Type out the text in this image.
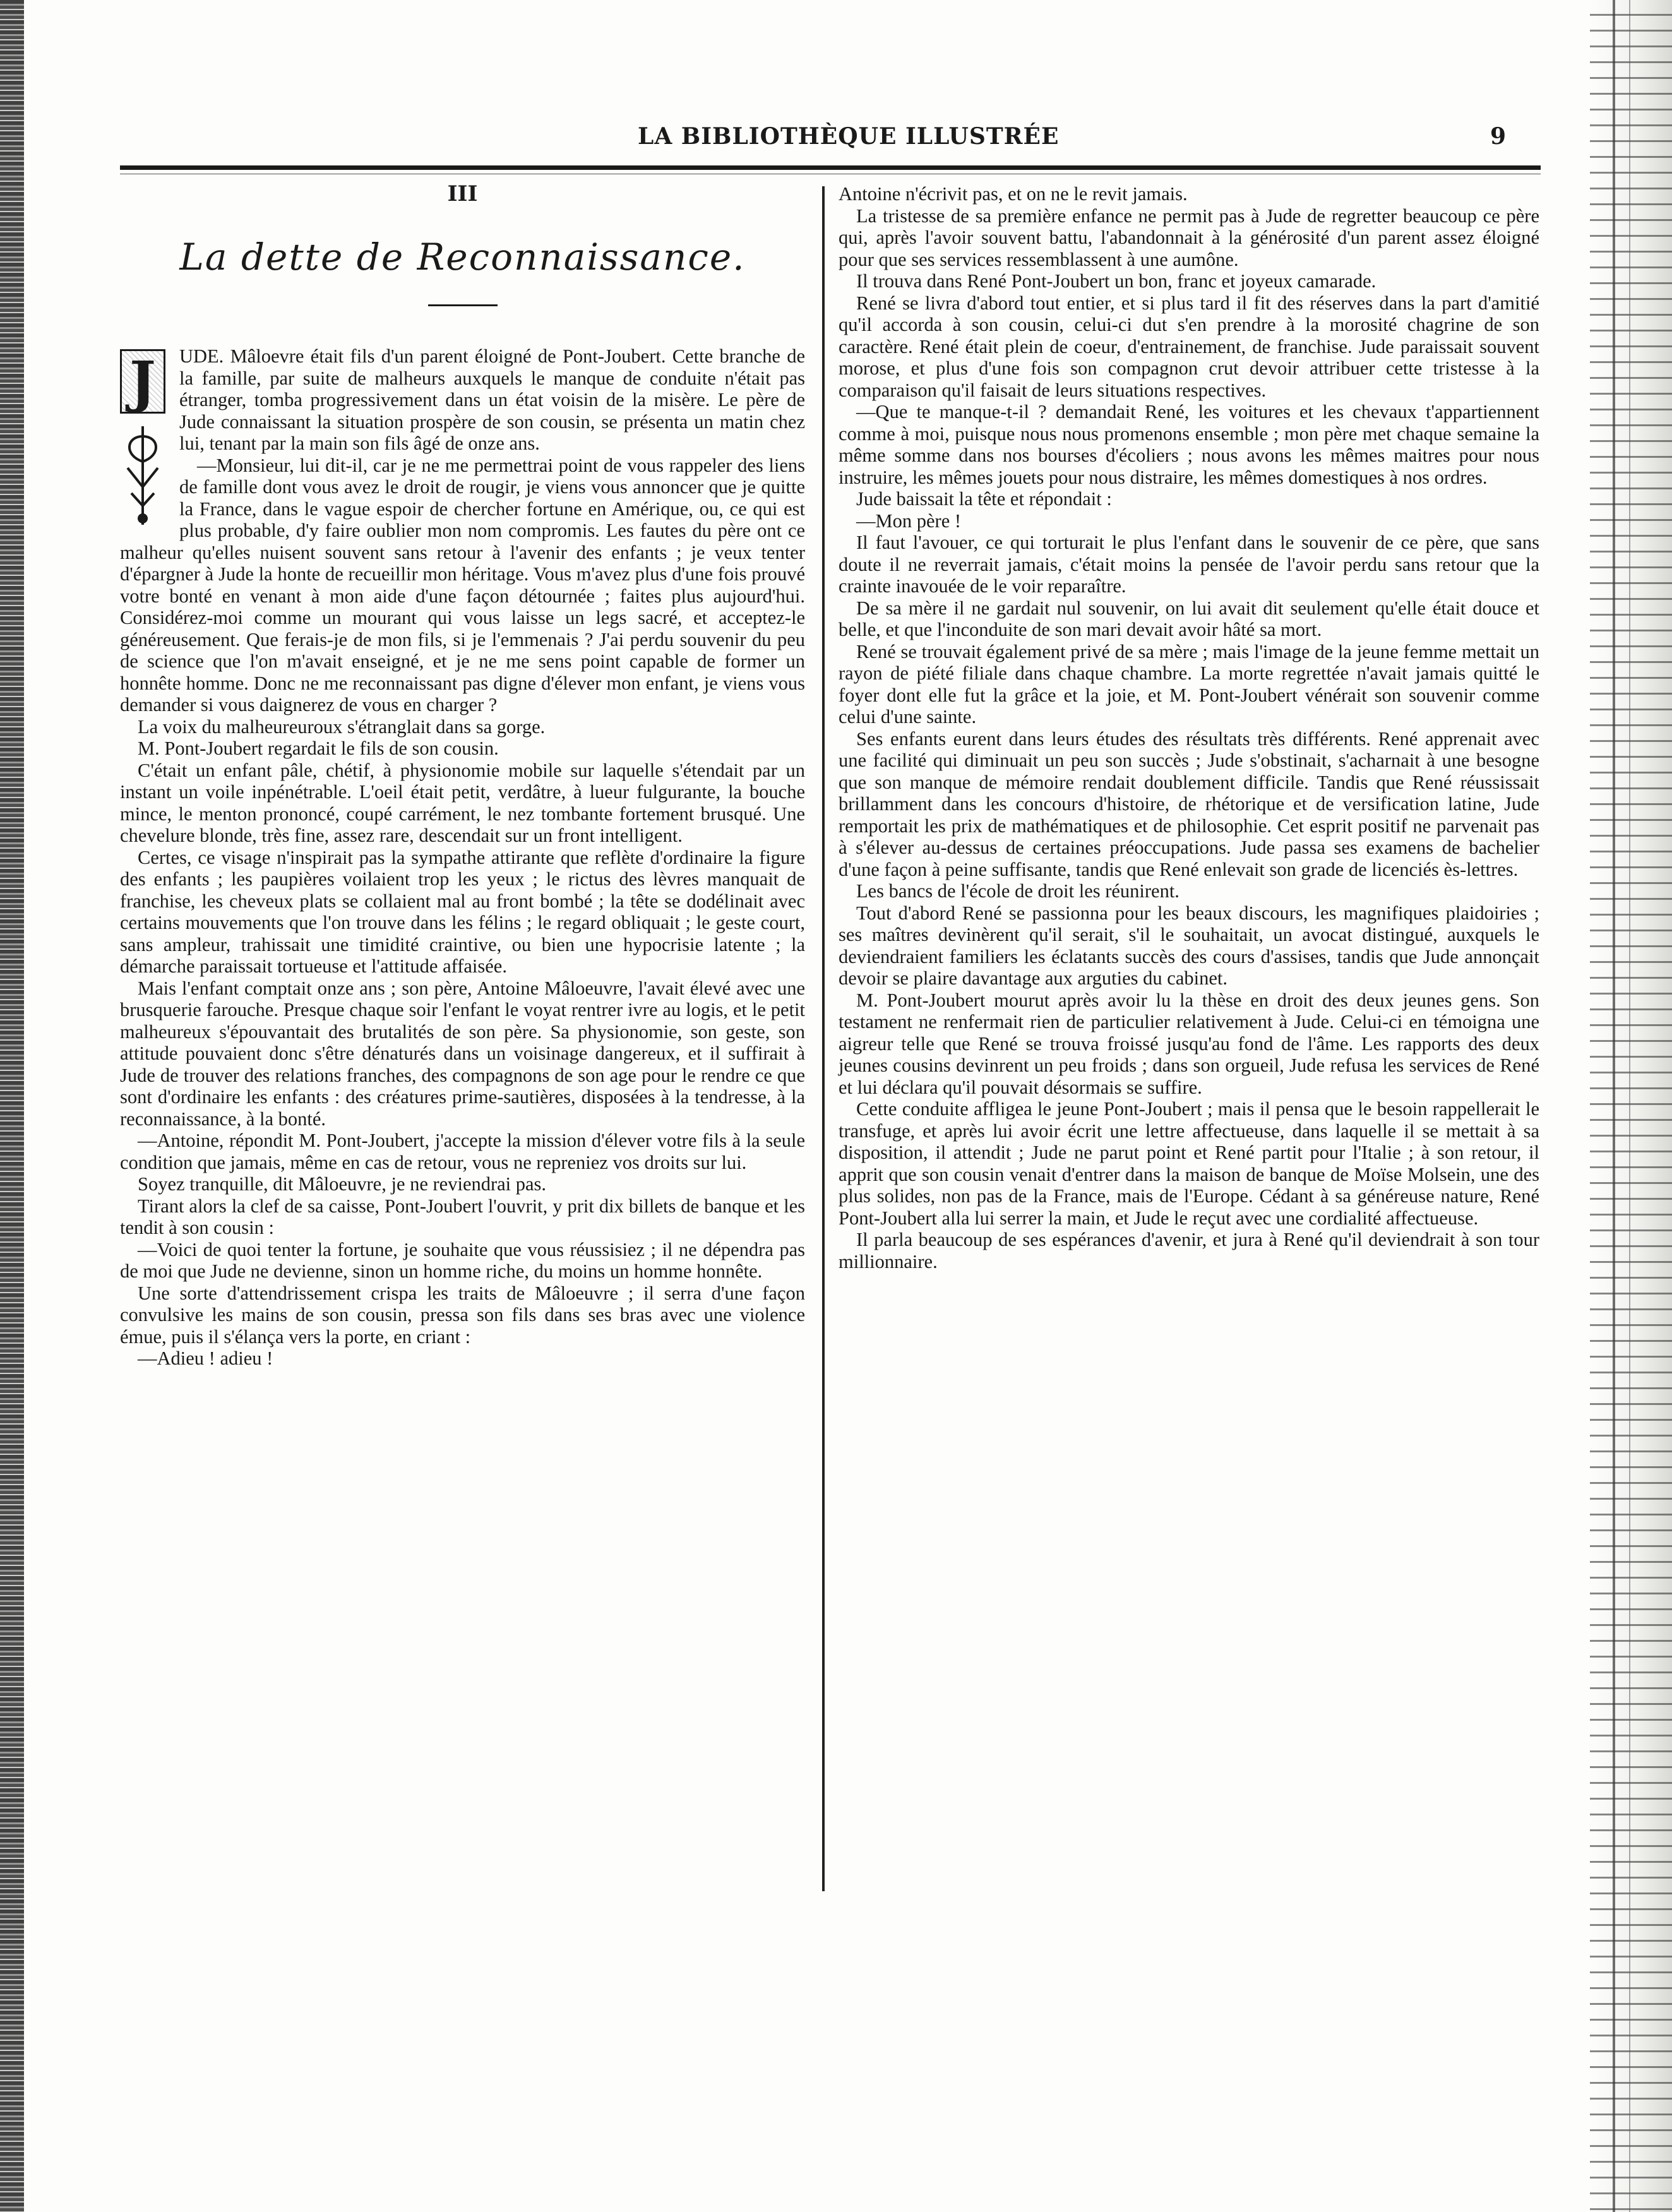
LA BIBLIOTHÈQUE ILLUSTRÉE	9
III
La dette de Reconnaissance.
J	UDE. Mâloevre était fils d'un parent éloigné de Pont-Joubert. Cette branche de la famille, par suite de malheurs auxquels le manque de conduite n'était pas étranger, tomba progressivement dans un état voisin de la misère. Le père de Jude connaissant la situation prospère de son cousin, se présenta un matin chez lui, tenant par la main son fils âgé de onze ans.

—Monsieur, lui dit-il, car je ne me permettrai point de vous rappeler des liens de famille dont vous avez le droit de rougir, je viens vous annoncer que je quitte la France, dans le vague espoir de chercher fortune en Amérique, ou, ce qui est plus probable, d'y faire oublier mon nom compromis. Les fautes du père ont ce malheur qu'elles nuisent souvent sans retour à l'avenir des enfants ; je veux tenter d'épargner à Jude la honte de recueillir mon héritage. Vous m'avez plus d'une fois prouvé votre bonté en venant à mon aide d'une façon détournée ; faites plus aujourd'hui. Considérez-moi comme un mourant qui vous laisse un legs sacré, et acceptez-le généreusement. Que ferais-je de mon fils, si je l'emmenais ? J'ai perdu souvenir du peu de science que l'on m'avait enseigné, et je ne me sens point capable de former un honnête homme. Donc ne me reconnaissant pas digne d'élever mon enfant, je viens vous demander si vous daignerez de vous en charger ?

La voix du malheureuroux s'étranglait dans sa gorge.

M. Pont-Joubert regardait le fils de son cousin.

C'était un enfant pâle, chétif, à physionomie mobile sur laquelle s'étendait par un instant un voile inpénétrable. L'oeil était petit, verdâtre, à lueur fulgurante, la bouche mince, le menton prononcé, coupé carrément, le nez tombante fortement brusqué. Une chevelure blonde, très fine, assez rare, descendait sur un front intelligent.

Certes, ce visage n'inspirait pas la sympathe attirante que reflète d'ordinaire la figure des enfants ; les paupières voilaient trop les yeux ; le rictus des lèvres manquait de franchise, les cheveux plats se collaient mal au front bombé ; la tête se dodélinait avec certains mouvements que l'on trouve dans les félins ; le regard obliquait ; le geste court, sans ampleur, trahissait une timidité craintive, ou bien une hypocrisie latente ; la démarche paraissait tortueuse et l'attitude affaisée.

Mais l'enfant comptait onze ans ; son père, Antoine Mâloeuvre, l'avait élevé avec une brusquerie farouche. Presque chaque soir l'enfant le voyat rentrer ivre au logis, et le petit malheureux s'épouvantait des brutalités de son père. Sa physionomie, son geste, son attitude pouvaient donc s'être dénaturés dans un voisinage dangereux, et il suffirait à Jude de trouver des relations franches, des compagnons de son age pour le rendre ce que sont d'ordinaire les enfants : des créatures prime-sautières, disposées à la tendresse, à la reconnaissance, à la bonté.

—Antoine, répondit M. Pont-Joubert, j'accepte la mission d'élever votre fils à la seule condition que jamais, même en cas de retour, vous ne repreniez vos droits sur lui.

Soyez tranquille, dit Mâloeuvre, je ne reviendrai pas.

Tirant alors la clef de sa caisse, Pont-Joubert l'ouvrit, y prit dix billets de banque et les tendit à son cousin :

—Voici de quoi tenter la fortune, je souhaite que vous réussisiez ; il ne dépendra pas de moi que Jude ne devienne, sinon un homme riche, du moins un homme honnête.

Une sorte d'attendrissement crispa les traits de Mâloeuvre ; il serra d'une façon convulsive les mains de son cousin, pressa son fils dans ses bras avec une violence émue, puis il s'élança vers la porte, en criant :

—Adieu ! adieu !

Antoine n'écrivit pas, et on ne le revit jamais.

La tristesse de sa première enfance ne permit pas à Jude de regretter beaucoup ce père qui, après l'avoir souvent battu, l'abandonnait à la générosité d'un parent assez éloigné pour que ses services ressemblassent à une aumône.

Il trouva dans René Pont-Joubert un bon, franc et joyeux camarade.

René se livra d'abord tout entier, et si plus tard il fit des réserves dans la part d'amitié qu'il accorda à son cousin, celui-ci dut s'en prendre à la morosité chagrine de son caractère. René était plein de coeur, d'entrainement, de franchise. Jude paraissait souvent morose, et plus d'une fois son compagnon crut devoir attribuer cette tristesse à la comparaison qu'il faisait de leurs situations respectives.

—Que te manque-t-il ? demandait René, les voitures et les chevaux t'appartiennent comme à moi, puisque nous nous promenons ensemble ; mon père met chaque semaine la même somme dans nos bourses d'écoliers ; nous avons les mêmes maitres pour nous instruire, les mêmes jouets pour nous distraire, les mêmes domestiques à nos ordres.

Jude baissait la tête et répondait :

—Mon père !

Il faut l'avouer, ce qui torturait le plus l'enfant dans le souvenir de ce père, que sans doute il ne reverrait jamais, c'était moins la pensée de l'avoir perdu sans retour que la crainte inavouée de le voir reparaître.

De sa mère il ne gardait nul souvenir, on lui avait dit seulement qu'elle était douce et belle, et que l'inconduite de son mari devait avoir hâté sa mort.

René se trouvait également privé de sa mère ; mais l'image de la jeune femme mettait un rayon de piété filiale dans chaque chambre. La morte regrettée n'avait jamais quitté le foyer dont elle fut la grâce et la joie, et M. Pont-Joubert vénérait son souvenir comme celui d'une sainte.

Ses enfants eurent dans leurs études des résultats très différents. René apprenait avec une facilité qui diminuait un peu son succès ; Jude s'obstinait, s'acharnait à une besogne que son manque de mémoire rendait doublement difficile. Tandis que René réussissait brillamment dans les concours d'histoire, de rhétorique et de versification latine, Jude remportait les prix de mathématiques et de philosophie. Cet esprit positif ne parvenait pas à s'élever au-dessus de certaines préoccupations. Jude passa ses examens de bachelier d'une façon à peine suffisante, tandis que René enlevait son grade de licenciés ès-lettres.

Les bancs de l'école de droit les réunirent.

Tout d'abord René se passionna pour les beaux discours, les magnifiques plaidoiries ; ses maîtres devinèrent qu'il serait, s'il le souhaitait, un avocat distingué, auxquels le deviendraient familiers les éclatants succès des cours d'assises, tandis que Jude annonçait devoir se plaire davantage aux arguties du cabinet.

M. Pont-Joubert mourut après avoir lu la thèse en droit des deux jeunes gens. Son testament ne renfermait rien de particulier relativement à Jude. Celui-ci en témoigna une aigreur telle que René se trouva froissé jusqu'au fond de l'âme. Les rapports des deux jeunes cousins devinrent un peu froids ; dans son orgueil, Jude refusa les services de René et lui déclara qu'il pouvait désormais se suffire.

Cette conduite affligea le jeune Pont-Joubert ; mais il pensa que le besoin rappellerait le transfuge, et après lui avoir écrit une lettre affectueuse, dans laquelle il se mettait à sa disposition, il attendit ; Jude ne parut point et René partit pour l'Italie ; à son retour, il apprit que son cousin venait d'entrer dans la maison de banque de Moïse Molsein, une des plus solides, non pas de la France, mais de l'Europe. Cédant à sa généreuse nature, René Pont-Joubert alla lui serrer la main, et Jude le reçut avec une cordialité affectueuse.

Il parla beaucoup de ses espérances d'avenir, et jura à René qu'il deviendrait à son tour millionnaire.
